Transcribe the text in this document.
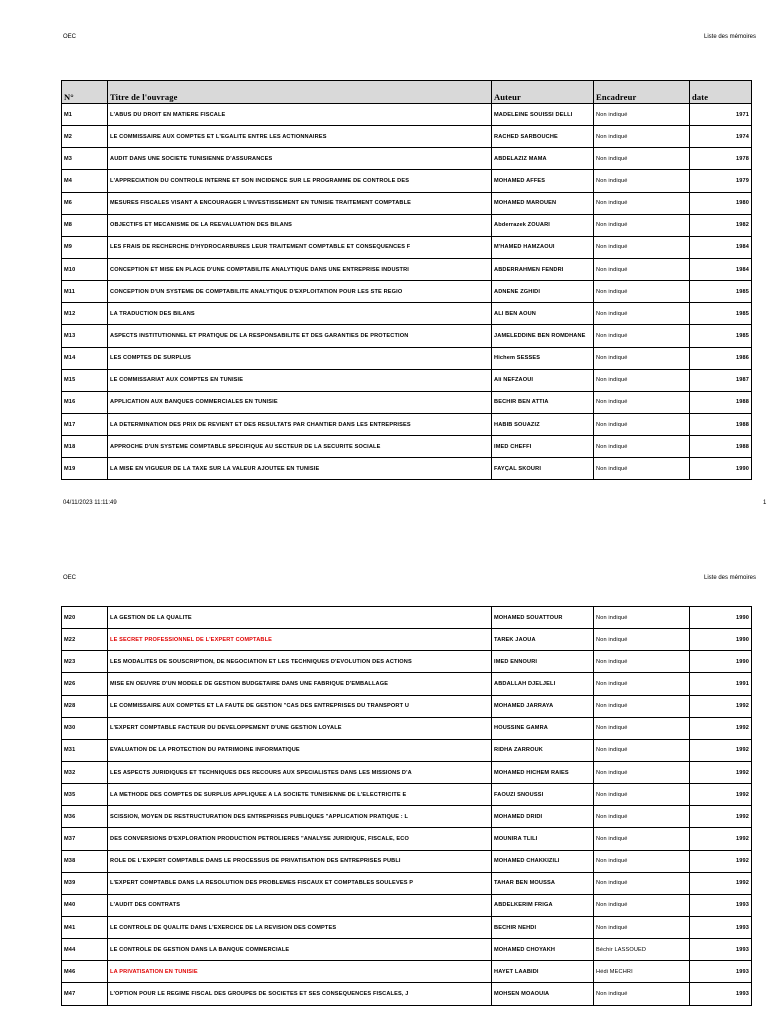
OEC	Liste des mémoires
N°	Titre de l'ouvrage	Auteur	Encadreur	date
M1	L'ABUS DU DROIT EN MATIERE FISCALE	MADELEINE SOUISSI DELLI	Non indiqué	1971
M2	LE COMMISSAIRE AUX COMPTES ET L'EGALITE ENTRE LES ACTIONNAIRES	RACHED SARBOUCHE	Non indiqué	1974
M3	AUDIT DANS UNE SOCIETE TUNISIENNE D'ASSURANCES	ABDELAZIZ MAMA	Non indiqué	1978
M4	L'APPRECIATION DU CONTROLE INTERNE ET SON INCIDENCE SUR LE PROGRAMME DE CONTROLE DES	MOHAMED AFFES	Non indiqué	1979
M6	MESURES FISCALES VISANT A ENCOURAGER L'INVESTISSEMENT EN TUNISIE TRAITEMENT COMPTABLE	MOHAMED MAROUEN	Non indiqué	1980
M8	OBJECTIFS ET MECANISME DE LA REEVALUATION DES BILANS	Abderrazek ZOUARI	Non indiqué	1982
M9	LES FRAIS DE RECHERCHE D'HYDROCARBURES LEUR TRAITEMENT COMPTABLE ET CONSEQUENCES F	M'HAMED HAMZAOUI	Non indiqué	1984
M10	CONCEPTION ET MISE EN PLACE D'UNE COMPTABILITE ANALYTIQUE DANS UNE ENTREPRISE INDUSTRI	ABDERRAHMEN FENDRI	Non indiqué	1984
M11	CONCEPTION D'UN SYSTEME DE COMPTABILITE ANALYTIQUE D'EXPLOITATION POUR LES STE REGIO	ADNENE ZGHIDI	Non indiqué	1985
M12	LA TRADUCTION DES BILANS	ALI BEN AOUN	Non indiqué	1985
M13	ASPECTS INSTITUTIONNEL ET PRATIQUE DE LA RESPONSABILITE ET DES GARANTIES DE PROTECTION	JAMELEDDINE BEN ROMDHANE	Non indiqué	1985
M14	LES COMPTES DE SURPLUS	Hichem SESSES	Non indiqué	1986
M15	LE COMMISSARIAT AUX COMPTES EN TUNISIE	Ali NEFZAOUI	Non indiqué	1987
M16	APPLICATION AUX BANQUES COMMERCIALES EN TUNISIE	BECHIR BEN ATTIA	Non indiqué	1988
M17	LA DETERMINATION DES PRIX DE REVIENT ET DES RESULTATS PAR CHANTIER DANS LES ENTREPRISES	HABIB SOUAZIZ	Non indiqué	1988
M18	APPROCHE D'UN SYSTEME COMPTABLE SPECIFIQUE AU SECTEUR DE LA SECURITE SOCIALE	IMED CHEFFI	Non indiqué	1988
M19	LA MISE EN VIGUEUR DE LA TAXE SUR LA VALEUR AJOUTEE EN TUNISIE	FAYÇAL SKOURI	Non indiqué	1990
04/11/2023 11:11:49	1
OEC	Liste des mémoires
M20	LA GESTION DE LA QUALITE	MOHAMED SOUATTOUR	Non indiqué	1990
M22	LE SECRET PROFESSIONNEL DE L'EXPERT COMPTABLE	TAREK JAOUA	Non indiqué	1990
M23	LES MODALITES DE SOUSCRIPTION, DE NEGOCIATION ET LES TECHNIQUES D'EVOLUTION DES ACTIONS	IMED ENNOURI	Non indiqué	1990
M26	MISE EN OEUVRE D'UN MODELE DE GESTION BUDGETAIRE DANS UNE FABRIQUE D'EMBALLAGE	ABDALLAH DJELJELI	Non indiqué	1991
M28	LE COMMISSAIRE AUX COMPTES ET LA FAUTE DE GESTION "CAS DES ENTREPRISES DU TRANSPORT U	MOHAMED JARRAYA	Non indiqué	1992
M30	L'EXPERT COMPTABLE FACTEUR DU DEVELOPPEMENT D'UNE GESTION LOYALE	HOUSSINE GAMRA	Non indiqué	1992
M31	EVALUATION DE LA PROTECTION DU PATRIMOINE INFORMATIQUE	RIDHA ZARROUK	Non indiqué	1992
M32	LES ASPECTS JURIDIQUES ET TECHNIQUES DES RECOURS AUX SPECIALISTES DANS LES MISSIONS D'A	MOHAMED HICHEM RAIES	Non indiqué	1992
M35	LA METHODE DES COMPTES DE SURPLUS APPLIQUEE A LA SOCIETE TUNISIENNE DE L'ELECTRICITE E	FAOUZI SNOUSSI	Non indiqué	1992
M36	SCISSION, MOYEN DE RESTRUCTURATION DES ENTREPRISES PUBLIQUES "APPLICATION PRATIQUE : L	MOHAMED DRIDI	Non indiqué	1992
M37	DES CONVERSIONS D'EXPLORATION PRODUCTION PETROLIERES "ANALYSE JURIDIQUE, FISCALE, ECO	MOUNIRA TLILI	Non indiqué	1992
M38	ROLE DE L'EXPERT COMPTABLE DANS LE PROCESSUS DE PRIVATISATION DES ENTREPRISES PUBLI	MOHAMED CHAKKIZILI	Non indiqué	1992
M39	L'EXPERT COMPTABLE DANS LA RESOLUTION DES PROBLEMES FISCAUX ET COMPTABLES SOULEVES P	TAHAR BEN MOUSSA	Non indiqué	1992
M40	L'AUDIT DES CONTRATS	ABDELKERIM FRIGA	Non indiqué	1993
M41	LE CONTROLE DE QUALITE DANS L'EXERCICE DE LA REVISION DES COMPTES	BECHIR NEHDI	Non indiqué	1993
M44	LE CONTROLE DE GESTION DANS LA BANQUE COMMERCIALE	MOHAMED CHOYAKH	Béchir LASSOUED	1993
M46	LA PRIVATISATION EN TUNISIE	HAYET LAABIDI	Hédi MECHRI	1993
M47	L'OPTION POUR LE REGIME FISCAL DES GROUPES DE SOCIETES ET SES CONSEQUENCES FISCALES, J	MOHSEN MOAOUIA	Non indiqué	1993
